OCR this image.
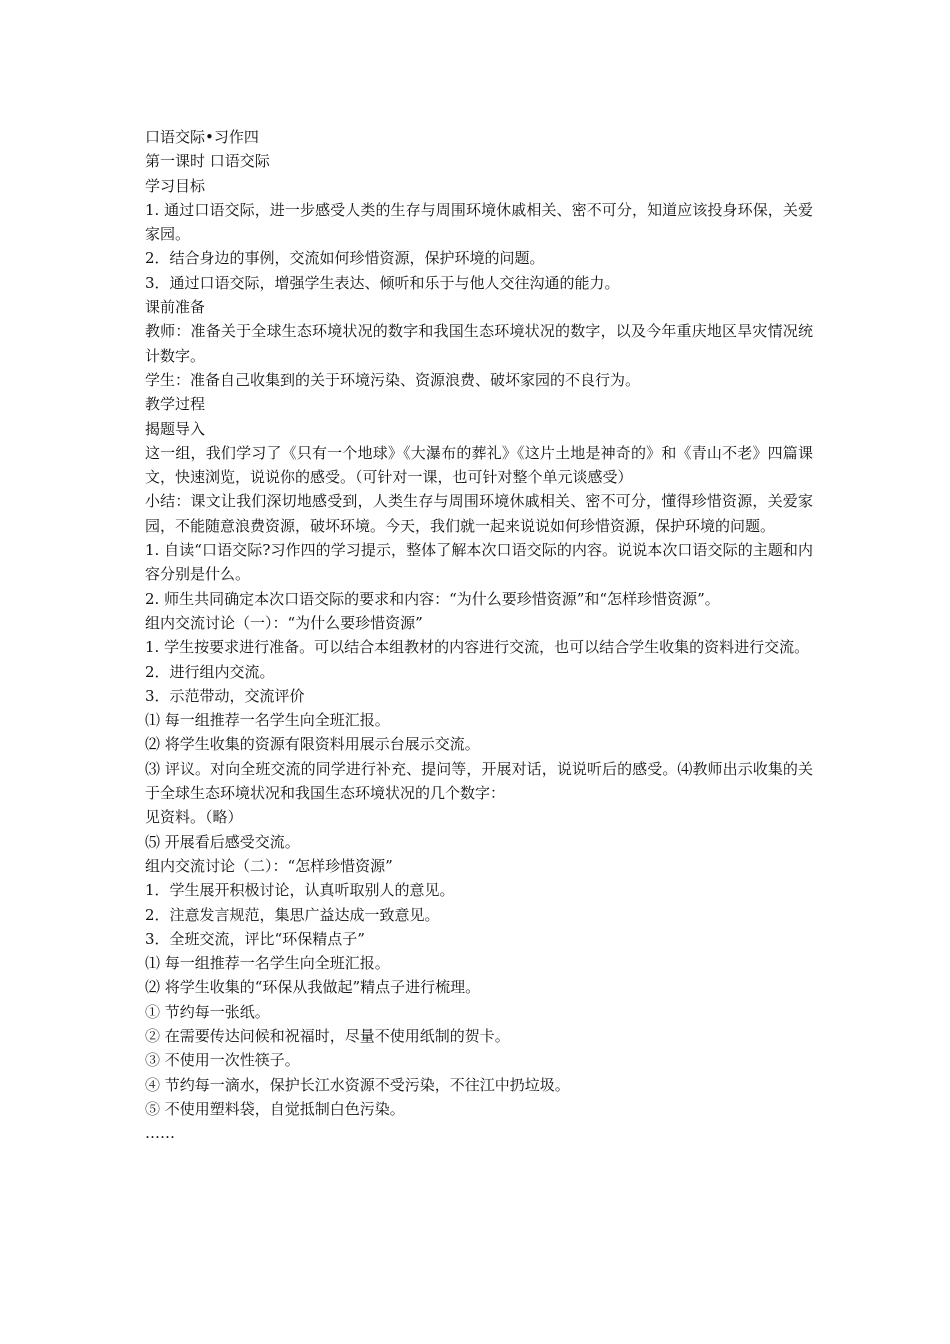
口语交际•习作四

第一课时 口语交际

学习目标

1. 通过口语交际，进一步感受人类的生存与周围环境休戚相关、密不可分，知道应该投身环保，关爱家园。

2．结合身边的事例，交流如何珍惜资源，保护环境的问题。

3．通过口语交际，增强学生表达、倾听和乐于与他人交往沟通的能力。

课前准备

教师：准备关于全球生态环境状况的数字和我国生态环境状况的数字，以及今年重庆地区旱灾情况统计数字。

学生：准备自己收集到的关于环境污染、资源浪费、破坏家园的不良行为。

教学过程

揭题导入

这一组，我们学习了《只有一个地球》《大瀑布的葬礼》《这片土地是神奇的》和《青山不老》四篇课文，快速浏览，说说你的感受。（可针对一课，也可针对整个单元谈感受）

小结：课文让我们深切地感受到，人类生存与周围环境休戚相关、密不可分，懂得珍惜资源，关爱家园，不能随意浪费资源，破坏环境。今天，我们就一起来说说如何珍惜资源，保护环境的问题。

1. 自读“口语交际?习作四的学习提示，整体了解本次口语交际的内容。说说本次口语交际的主题和内容分别是什么。

2. 师生共同确定本次口语交际的要求和内容：“为什么要珍惜资源”和“怎样珍惜资源”。

组内交流讨论（一）：“为什么要珍惜资源”

1. 学生按要求进行准备。可以结合本组教材的内容进行交流，也可以结合学生收集的资料进行交流。

2．进行组内交流。

3．示范带动，交流评价

⑴ 每一组推荐一名学生向全班汇报。

⑵ 将学生收集的资源有限资料用展示台展示交流。

⑶ 评议。对向全班交流的同学进行补充、提问等，开展对话，说说听后的感受。⑷教师出示收集的关于全球生态环境状况和我国生态环境状况的几个数字：

见资料。（略）

⑸ 开展看后感受交流。

组内交流讨论（二）：“怎样珍惜资源”

1．学生展开积极讨论，认真听取别人的意见。

2．注意发言规范，集思广益达成一致意见。

3．全班交流，评比“环保精点子”

⑴ 每一组推荐一名学生向全班汇报。

⑵ 将学生收集的“环保从我做起”精点子进行梳理。

① 节约每一张纸。

② 在需要传达问候和祝福时，尽量不使用纸制的贺卡。

③ 不使用一次性筷子。

④ 节约每一滴水，保护长江水资源不受污染，不往江中扔垃圾。

⑤ 不使用塑料袋，自觉抵制白色污染。

……
